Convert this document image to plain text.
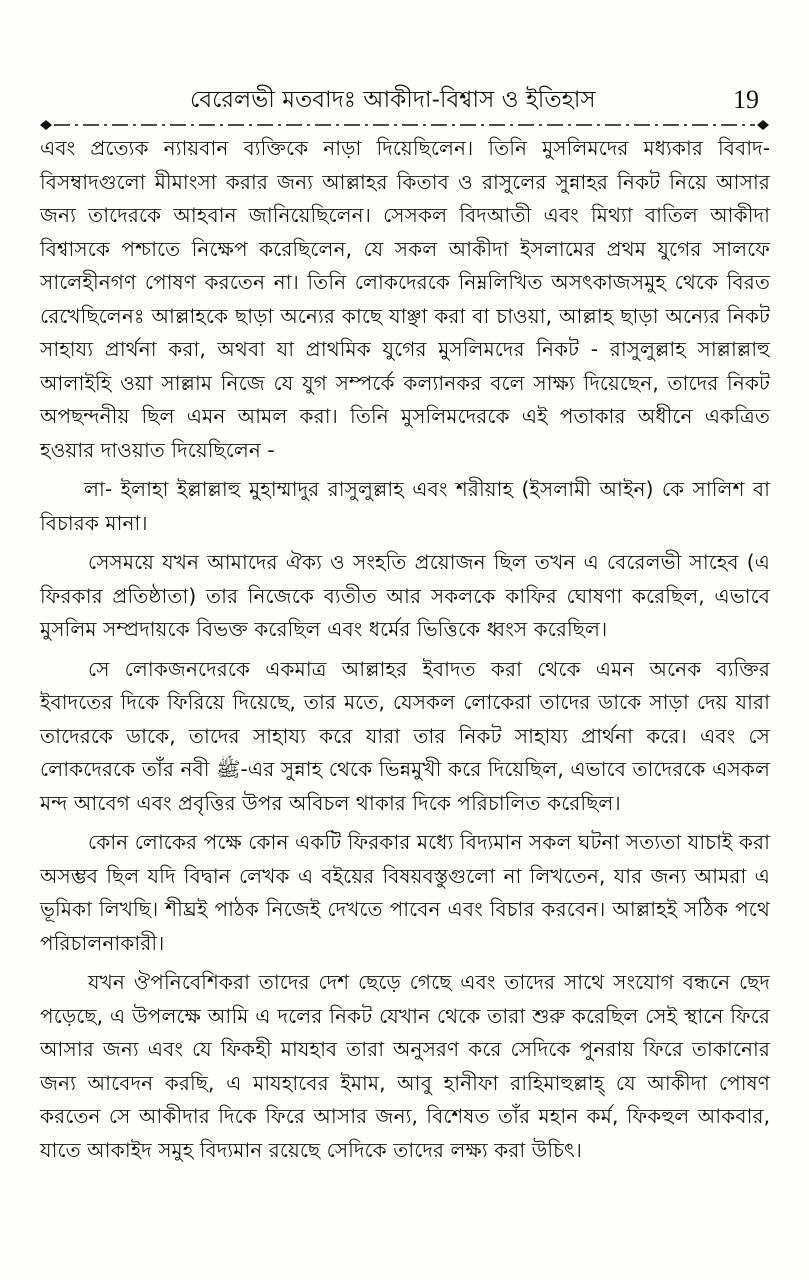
বেরেলভী মতবাদঃ আকীদা-বিশ্বাস ও ইতিহাস	19

এবং প্রত্যেক ন্যায়বান ব্যক্তিকে নাড়া দিয়েছিলেন। তিনি মুসলিমদের মধ্যকার বিবাদ-বিসম্বাদগুলো মীমাংসা করার জন্য আল্লাহর কিতাব ও রাসুলের সুন্নাহর নিকট নিয়ে আসার জন্য তাদেরকে আহবান জানিয়েছিলেন। সেসকল বিদআতী এবং মিথ্যা বাতিল আকীদা বিশ্বাসকে পশ্চাতে নিক্ষেপ করেছিলেন, যে সকল আকীদা ইসলামের প্রথম যুগের সালফে সালেহীনগণ পোষণ করতেন না। তিনি লোকদেরকে নিম্নলিখিত অসৎকাজসমুহ থেকে বিরত রেখেছিলেনঃ আল্লাহকে ছাড়া অন্যের কাছে যাঞ্ছা করা বা চাওয়া, আল্লাহ ছাড়া অন্যের নিকট সাহায্য প্রার্থনা করা, অথবা যা প্রাথমিক যুগের মুসলিমদের নিকট - রাসুলুল্লাহ সাল্লাল্লাহু আলাইহি ওয়া সাল্লাম নিজে যে যুগ সম্পর্কে কল্যানকর বলে সাক্ষ্য দিয়েছেন, তাদের নিকট অপছন্দনীয় ছিল এমন আমল করা। তিনি মুসলিমদেরকে এই পতাকার অধীনে একত্রিত হওয়ার দাওয়াত দিয়েছিলেন -

লা- ইলাহা ইল্লাল্লাহু মুহাম্মাদুর রাসুলুল্লাহ এবং শরীয়াহ (ইসলামী আইন) কে সালিশ বা বিচারক মানা।

সেসময়ে যখন আমাদের ঐক্য ও সংহতি প্রয়োজন ছিল তখন এ বেরেলভী সাহেব (এ ফিরকার প্রতিষ্ঠাতা) তার নিজেকে ব্যতীত আর সকলকে কাফির ঘোষণা করেছিল, এভাবে মুসলিম সম্প্রদায়কে বিভক্ত করেছিল এবং ধর্মের ভিত্তিকে ধ্বংস করেছিল।

সে লোকজনদেরকে একমাত্র আল্লাহর ইবাদত করা থেকে এমন অনেক ব্যক্তির ইবাদতের দিকে ফিরিয়ে দিয়েছে, তার মতে, যেসকল লোকেরা তাদের ডাকে সাড়া দেয় যারা তাদেরকে ডাকে, তাদের সাহায্য করে যারা তার নিকট সাহায্য প্রার্থনা করে। এবং সে লোকদেরকে তাঁর নবী ﷺ-এর সুন্নাহ থেকে ভিন্নমুখী করে দিয়েছিল, এভাবে তাদেরকে এসকল মন্দ আবেগ এবং প্রবৃত্তির উপর অবিচল থাকার দিকে পরিচালিত করেছিল।

কোন লোকের পক্ষে কোন একটি ফিরকার মধ্যে বিদ্যমান সকল ঘটনা সত্যতা যাচাই করা অসম্ভব ছিল যদি বিদ্বান লেখক এ বইয়ের বিষয়বস্তুগুলো না লিখতেন, যার জন্য আমরা এ ভূমিকা লিখছি। শীঘ্রই পাঠক নিজেই দেখতে পাবেন এবং বিচার করবেন। আল্লাহই সঠিক পথে পরিচালনাকারী।

যখন ঔপনিবেশিকরা তাদের দেশ ছেড়ে গেছে এবং তাদের সাথে সংযোগ বন্ধনে ছেদ পড়েছে, এ উপলক্ষে আমি এ দলের নিকট যেখান থেকে তারা শুরু করেছিল সেই স্থানে ফিরে আসার জন্য এবং যে ফিকহী মাযহাব তারা অনুসরণ করে সেদিকে পুনরায় ফিরে তাকানোর জন্য আবেদন করছি, এ মাযহাবের ইমাম, আবু হানীফা রাহিমাহুল্লাহ্ যে আকীদা পোষণ করতেন সে আকীদার দিকে ফিরে আসার জন্য, বিশেষত তাঁর মহান কর্ম, ফিকহুল আকবার, যাতে আকাইদ সমুহ বিদ্যমান রয়েছে সেদিকে তাদের লক্ষ্য করা উচিৎ।
